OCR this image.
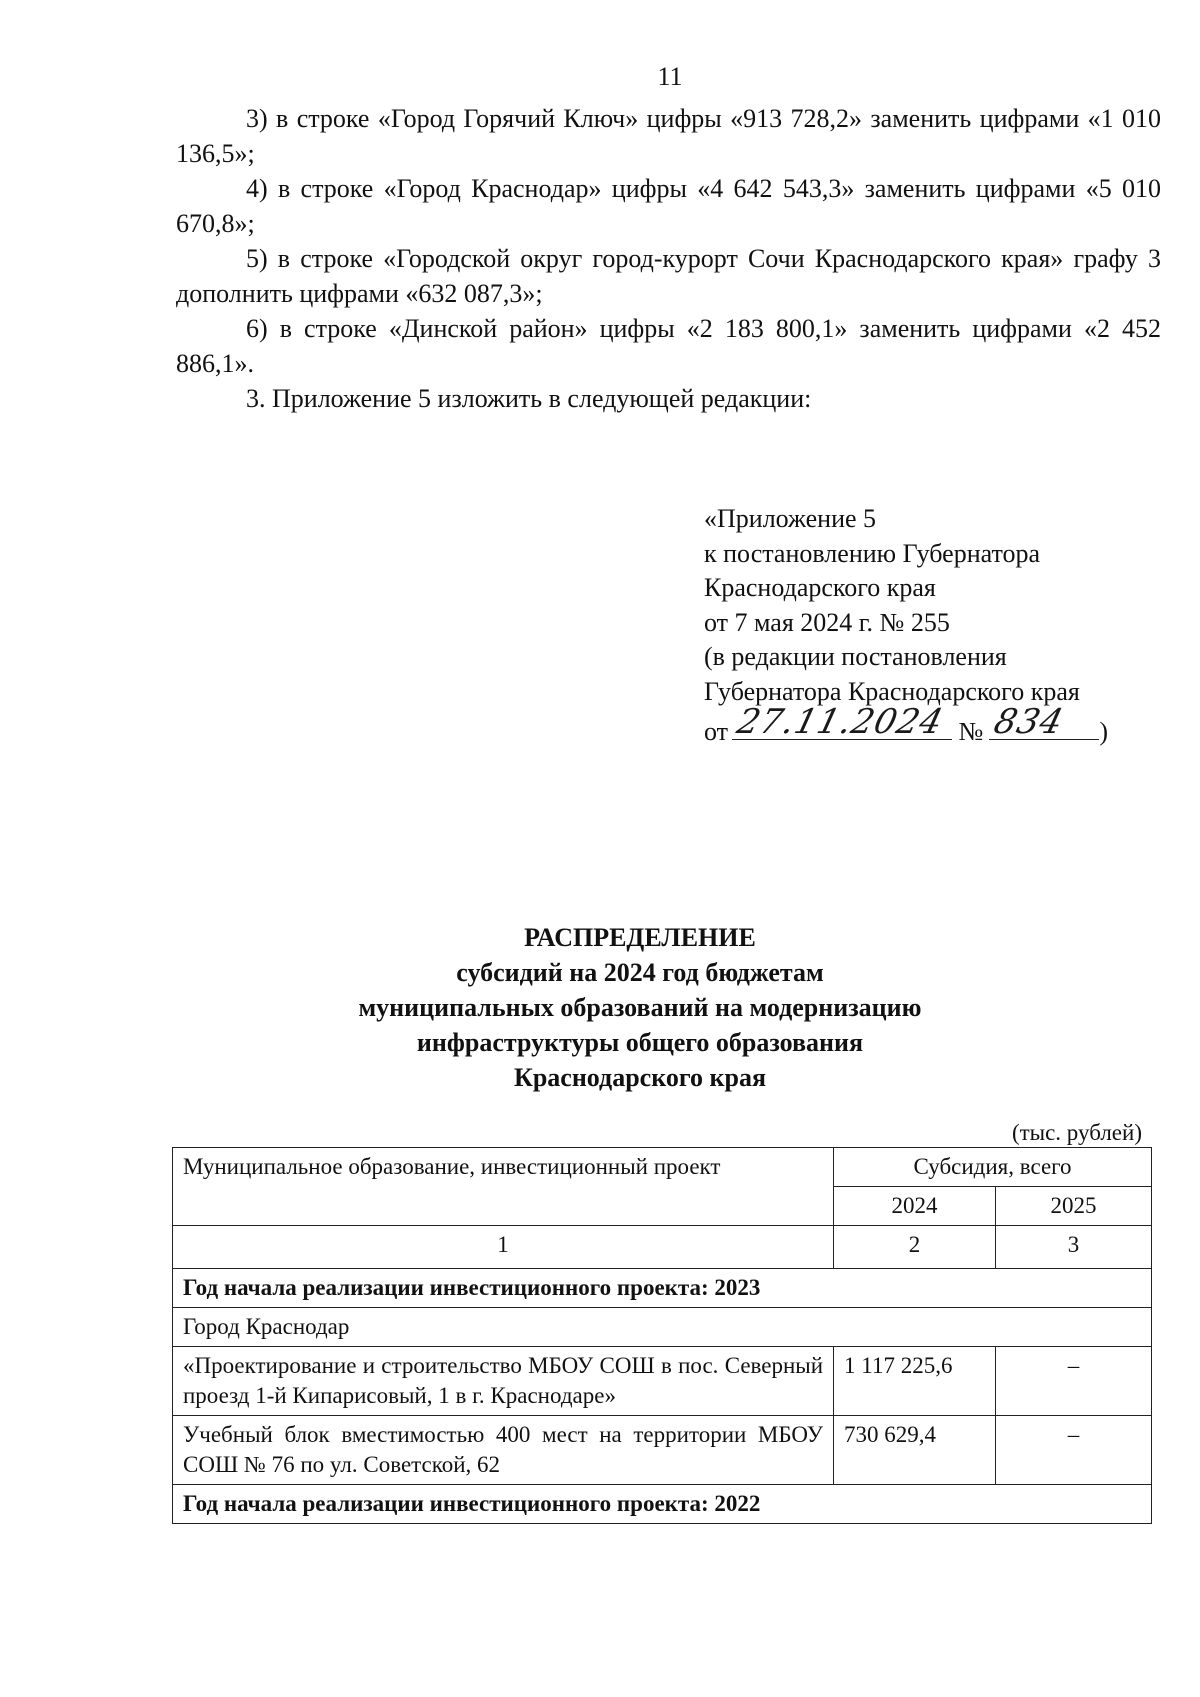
11

3) в строке «Город Горячий Ключ» цифры «913 728,2» заменить цифрами «1 010 136,5»;

4) в строке «Город Краснодар» цифры «4 642 543,3» заменить цифрами «5 010 670,8»;

5) в строке «Городской округ город-курорт Сочи Краснодарского края» графу 3 дополнить цифрами «632 087,3»;

6) в строке «Динской район» цифры «2 183 800,1» заменить цифрами «2 452 886,1».

3. Приложение 5 изложить в следующей редакции:

«Приложение 5
к постановлению Губернатора
Краснодарского края
от 7 мая 2024 г. № 255
(в редакции постановления
Губернатора Краснодарского края
от 27.11.2024 № 834 )
РАСПРЕДЕЛЕНИЕ
субсидий на 2024 год бюджетам
муниципальных образований на модернизацию
инфраструктуры общего образования
Краснодарского края
(тыс. рублей)
Муниципальное образование, инвестиционный проект	Субсидия, всего	
	2024	2025
1	2	3
Год начала реализации инвестиционного проекта: 2023		
Город Краснодар		
«Проектирование и строительство МБОУ СОШ в пос. Северный проезд 1-й Кипарисовый, 1 в г. Краснодаре»	1 117 225,6	–
Учебный блок вместимостью 400 мест на территории МБОУ СОШ № 76 по ул. Советской, 62	730 629,4	–
Год начала реализации инвестиционного проекта: 2022		
